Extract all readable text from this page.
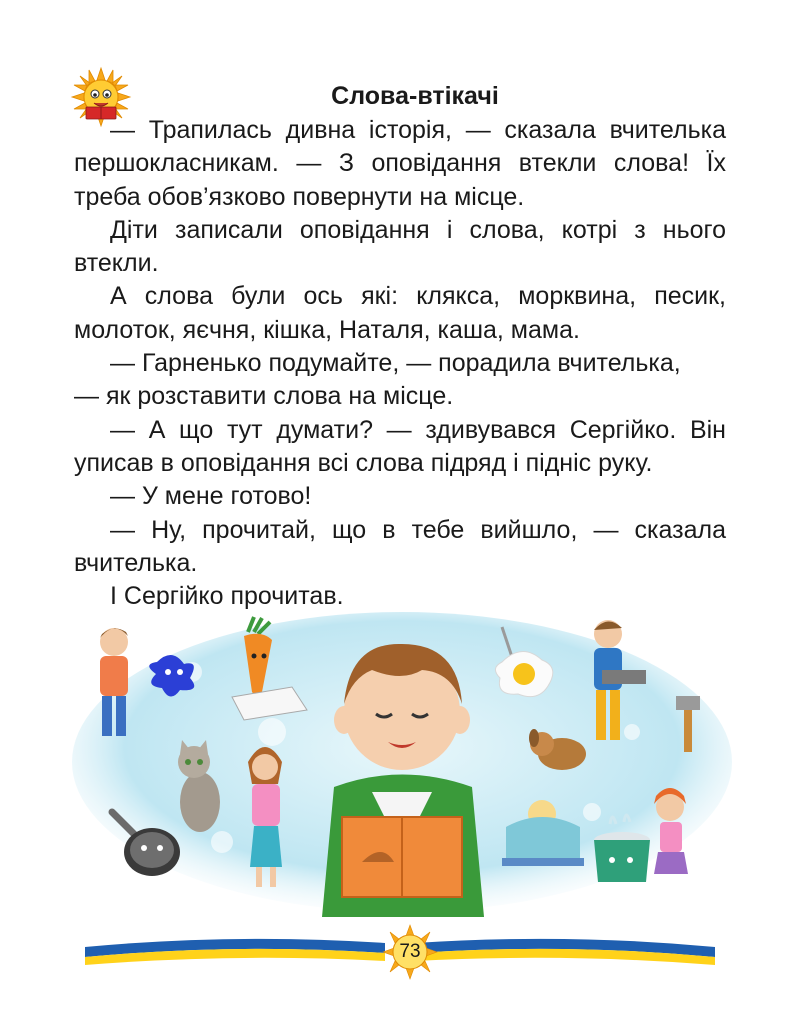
Слова-втікачі

— Трапилась дивна історія, — сказала вчителька першокласникам. — З оповідання втекли слова! Їх треба обов’язково повернути на місце.

Діти записали оповідання і слова, котрі з нього втекли.

А слова були ось які: клякса, морквина, песик, молоток, яєчня, кішка, Наталя, каша, мама.

— Гарненько подумайте, — порадила вчителька,

— як розставити слова на місце.

— А що тут думати? — здивувався Сергійко. Він уписав в оповідання всі слова підряд і підніс руку.

— У мене готово!

— Ну, прочитай, що в тебе вийшло, — сказала вчителька.

І Сергійко прочитав.

73
